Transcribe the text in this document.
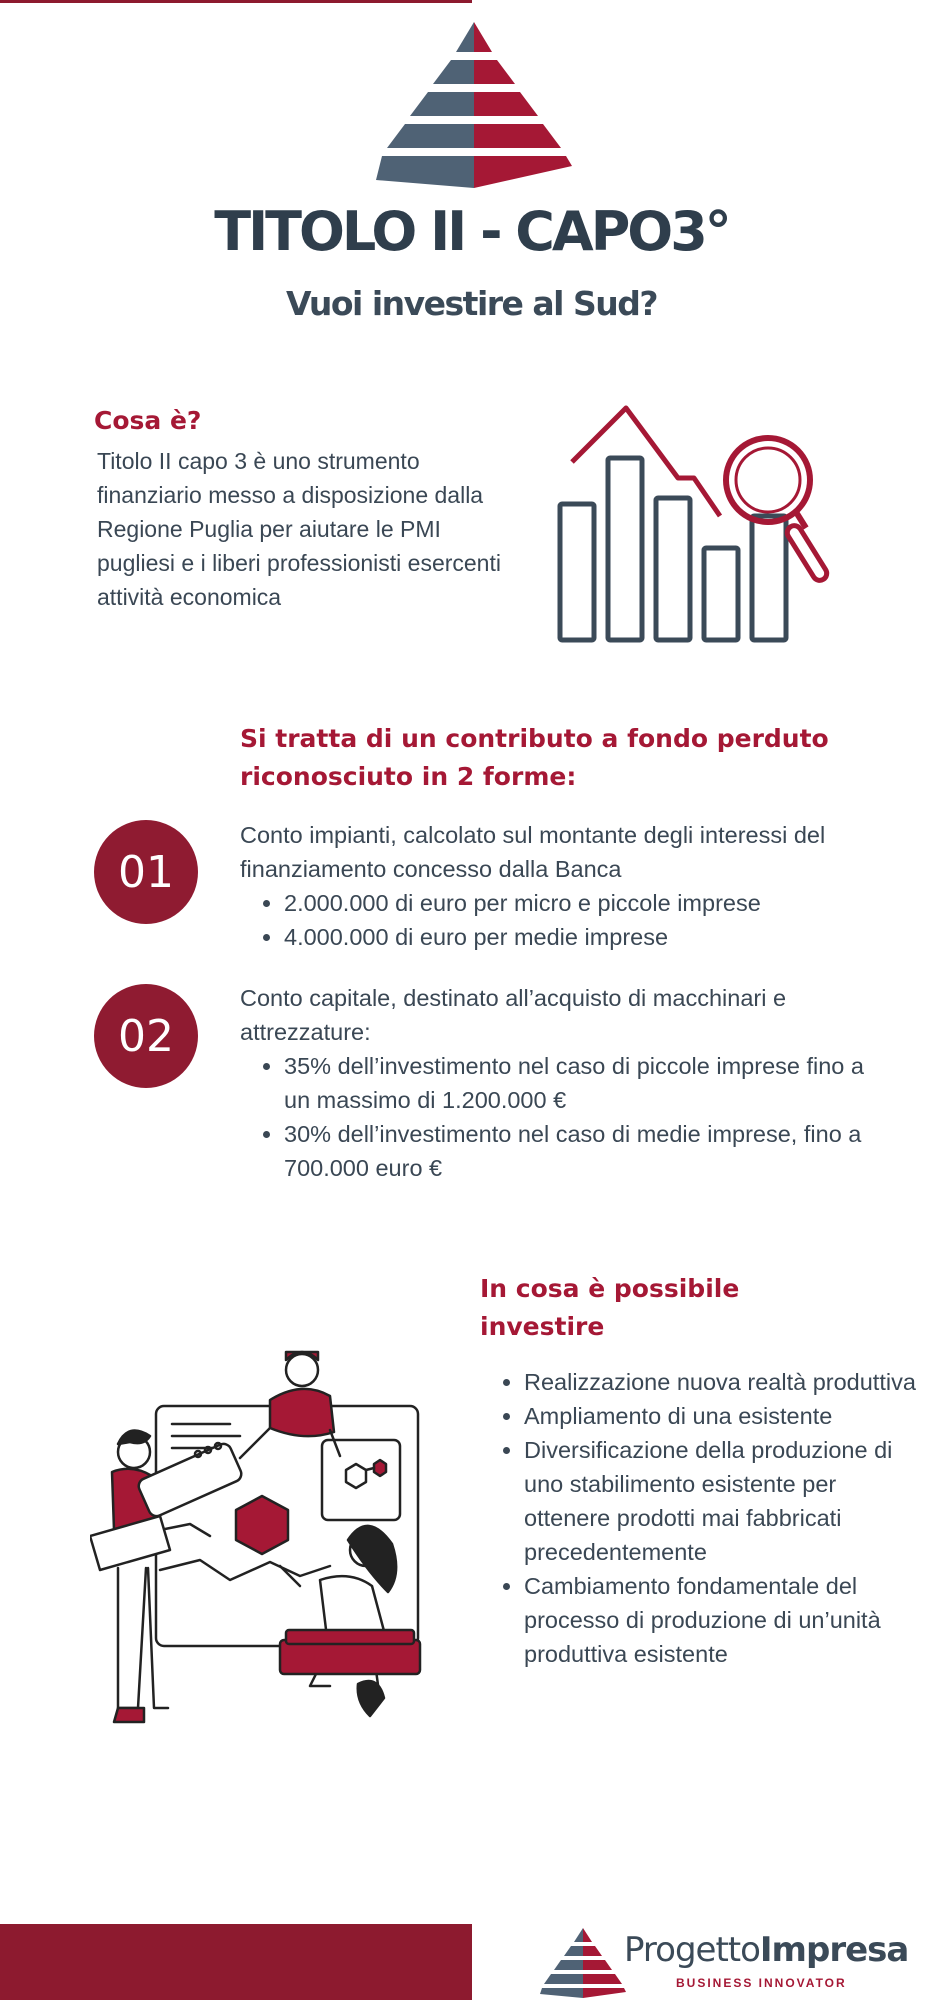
TITOLO II - CAPO3°
Vuoi investire al Sud?
Cosa è?

Titolo II capo 3 è uno strumento finanziario messo a disposizione dalla Regione Puglia per aiutare le PMI pugliesi e i liberi professionisti esercenti attività economica

Si tratta di un contributo a fondo perduto riconosciuto in 2 forme:
01

Conto impianti, calcolato sul montante degli interessi del finanziamento concesso dalla Banca

• 2.000.000 di euro per micro e piccole imprese
• 4.000.000 di euro per medie imprese
02

Conto capitale, destinato all’acquisto di macchinari e attrezzature:

• 35% dell’investimento nel caso di piccole imprese fino a un massimo di 1.200.000 €
• 30% dell’investimento nel caso di medie imprese, fino a 700.000 euro €
In cosa è possibile investire
• Realizzazione nuova realtà produttiva
• Ampliamento di una esistente
• Diversificazione della produzione di uno stabilimento esistente per ottenere prodotti mai fabbricati precedentemente
• Cambiamento fondamentale del processo di produzione di un’unità produttiva esistente
ProgettoImpresa
BUSINESS INNOVATOR
